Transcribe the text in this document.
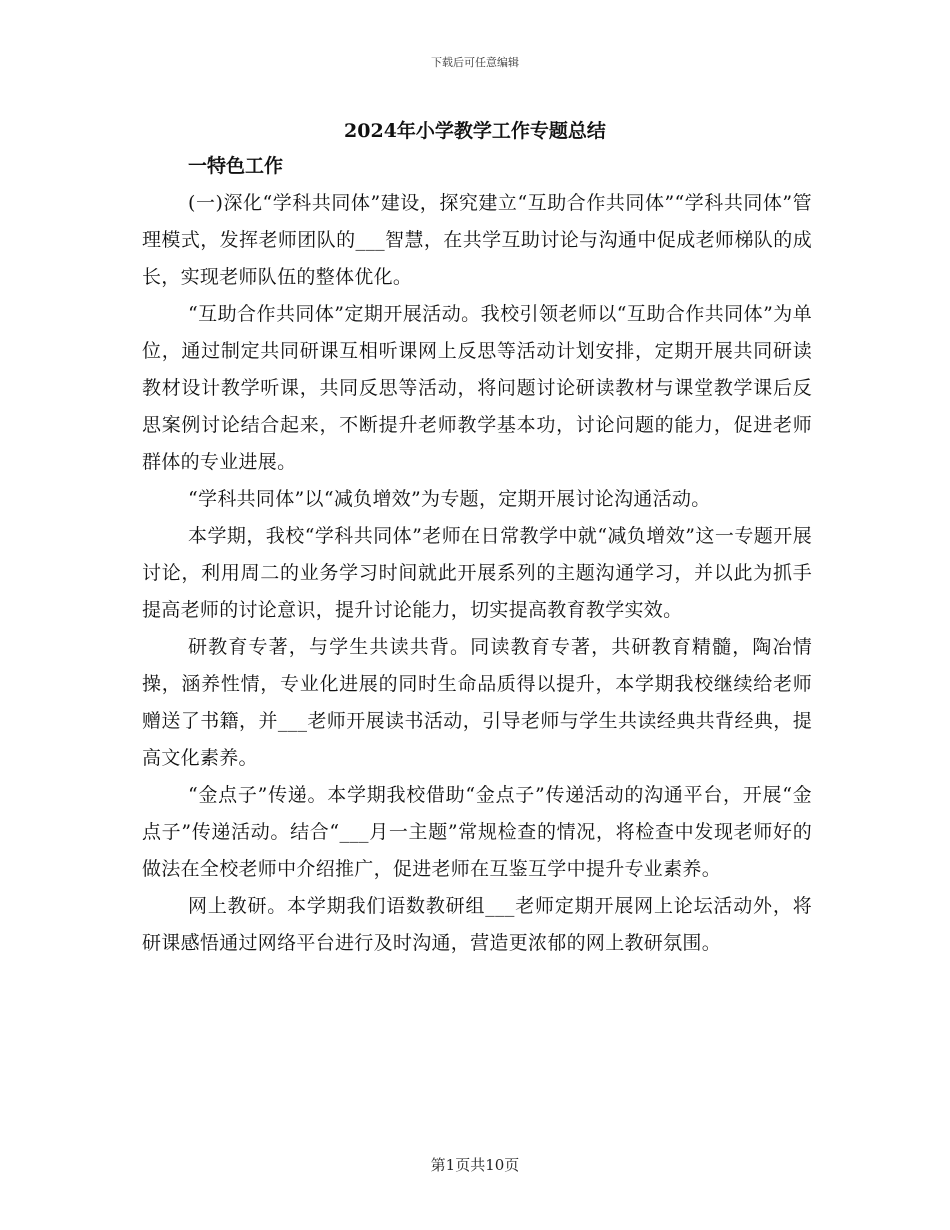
下载后可任意编辑
2024年小学教学工作专题总结
一特色工作

(一)深化“学科共同体”建设，探究建立“互助合作共同体”“学科共同体”管理模式，发挥老师团队的___智慧，在共学互助讨论与沟通中促成老师梯队的成长，实现老师队伍的整体优化。

“互助合作共同体”定期开展活动。我校引领老师以“互助合作共同体”为单位，通过制定共同研课互相听课网上反思等活动计划安排，定期开展共同研读教材设计教学听课，共同反思等活动，将问题讨论研读教材与课堂教学课后反思案例讨论结合起来，不断提升老师教学基本功，讨论问题的能力，促进老师群体的专业进展。

“学科共同体”以“减负增效”为专题，定期开展讨论沟通活动。

本学期，我校“学科共同体”老师在日常教学中就“减负增效”这一专题开展讨论，利用周二的业务学习时间就此开展系列的主题沟通学习，并以此为抓手提高老师的讨论意识，提升讨论能力，切实提高教育教学实效。

研教育专著，与学生共读共背。同读教育专著，共研教育精髓，陶冶情操，涵养性情，专业化进展的同时生命品质得以提升，本学期我校继续给老师赠送了书籍，并___老师开展读书活动，引导老师与学生共读经典共背经典，提高文化素养。

“金点子”传递。本学期我校借助“金点子”传递活动的沟通平台，开展“金点子”传递活动。结合“___月一主题”常规检查的情况，将检查中发现老师好的做法在全校老师中介绍推广，促进老师在互鉴互学中提升专业素养。

网上教研。本学期我们语数教研组___老师定期开展网上论坛活动外，将研课感悟通过网络平台进行及时沟通，营造更浓郁的网上教研氛围。

第1页共10页
